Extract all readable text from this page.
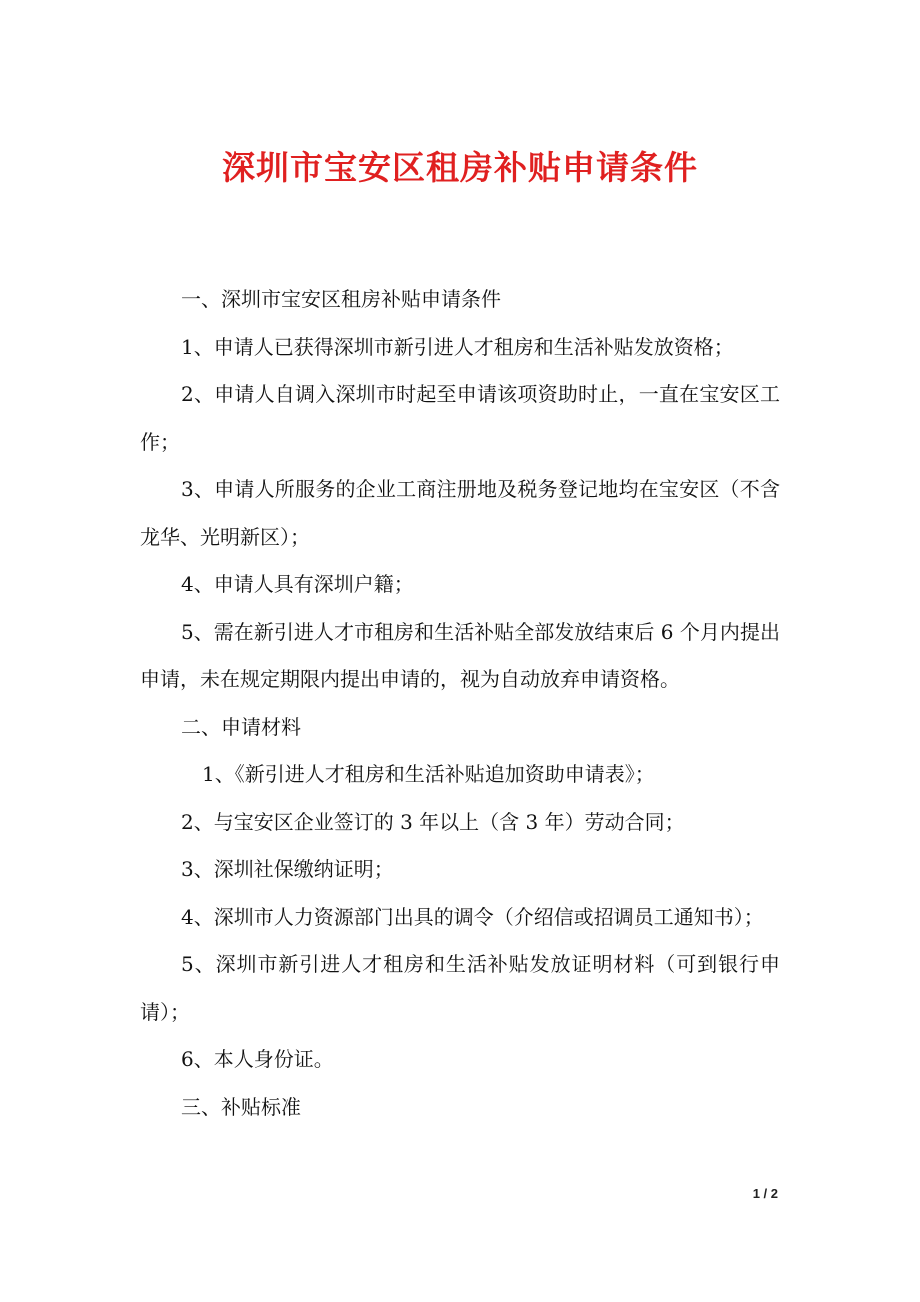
深圳市宝安区租房补贴申请条件

一、深圳市宝安区租房补贴申请条件

1、申请人已获得深圳市新引进人才租房和生活补贴发放资格；

2、申请人自调入深圳市时起至申请该项资助时止，一直在宝安区工作；

3、申请人所服务的企业工商注册地及税务登记地均在宝安区（不含龙华、光明新区）；

4、申请人具有深圳户籍；

5、需在新引进人才市租房和生活补贴全部发放结束后 6 个月内提出申请，未在规定期限内提出申请的，视为自动放弃申请资格。

二、申请材料

1、《新引进人才租房和生活补贴追加资助申请表》；

2、与宝安区企业签订的 3 年以上（含 3 年）劳动合同；

3、深圳社保缴纳证明；

4、深圳市人力资源部门出具的调令（介绍信或招调员工通知书）；

5、深圳市新引进人才租房和生活补贴发放证明材料（可到银行申请）；

6、本人身份证。

三、补贴标准

1 / 2
